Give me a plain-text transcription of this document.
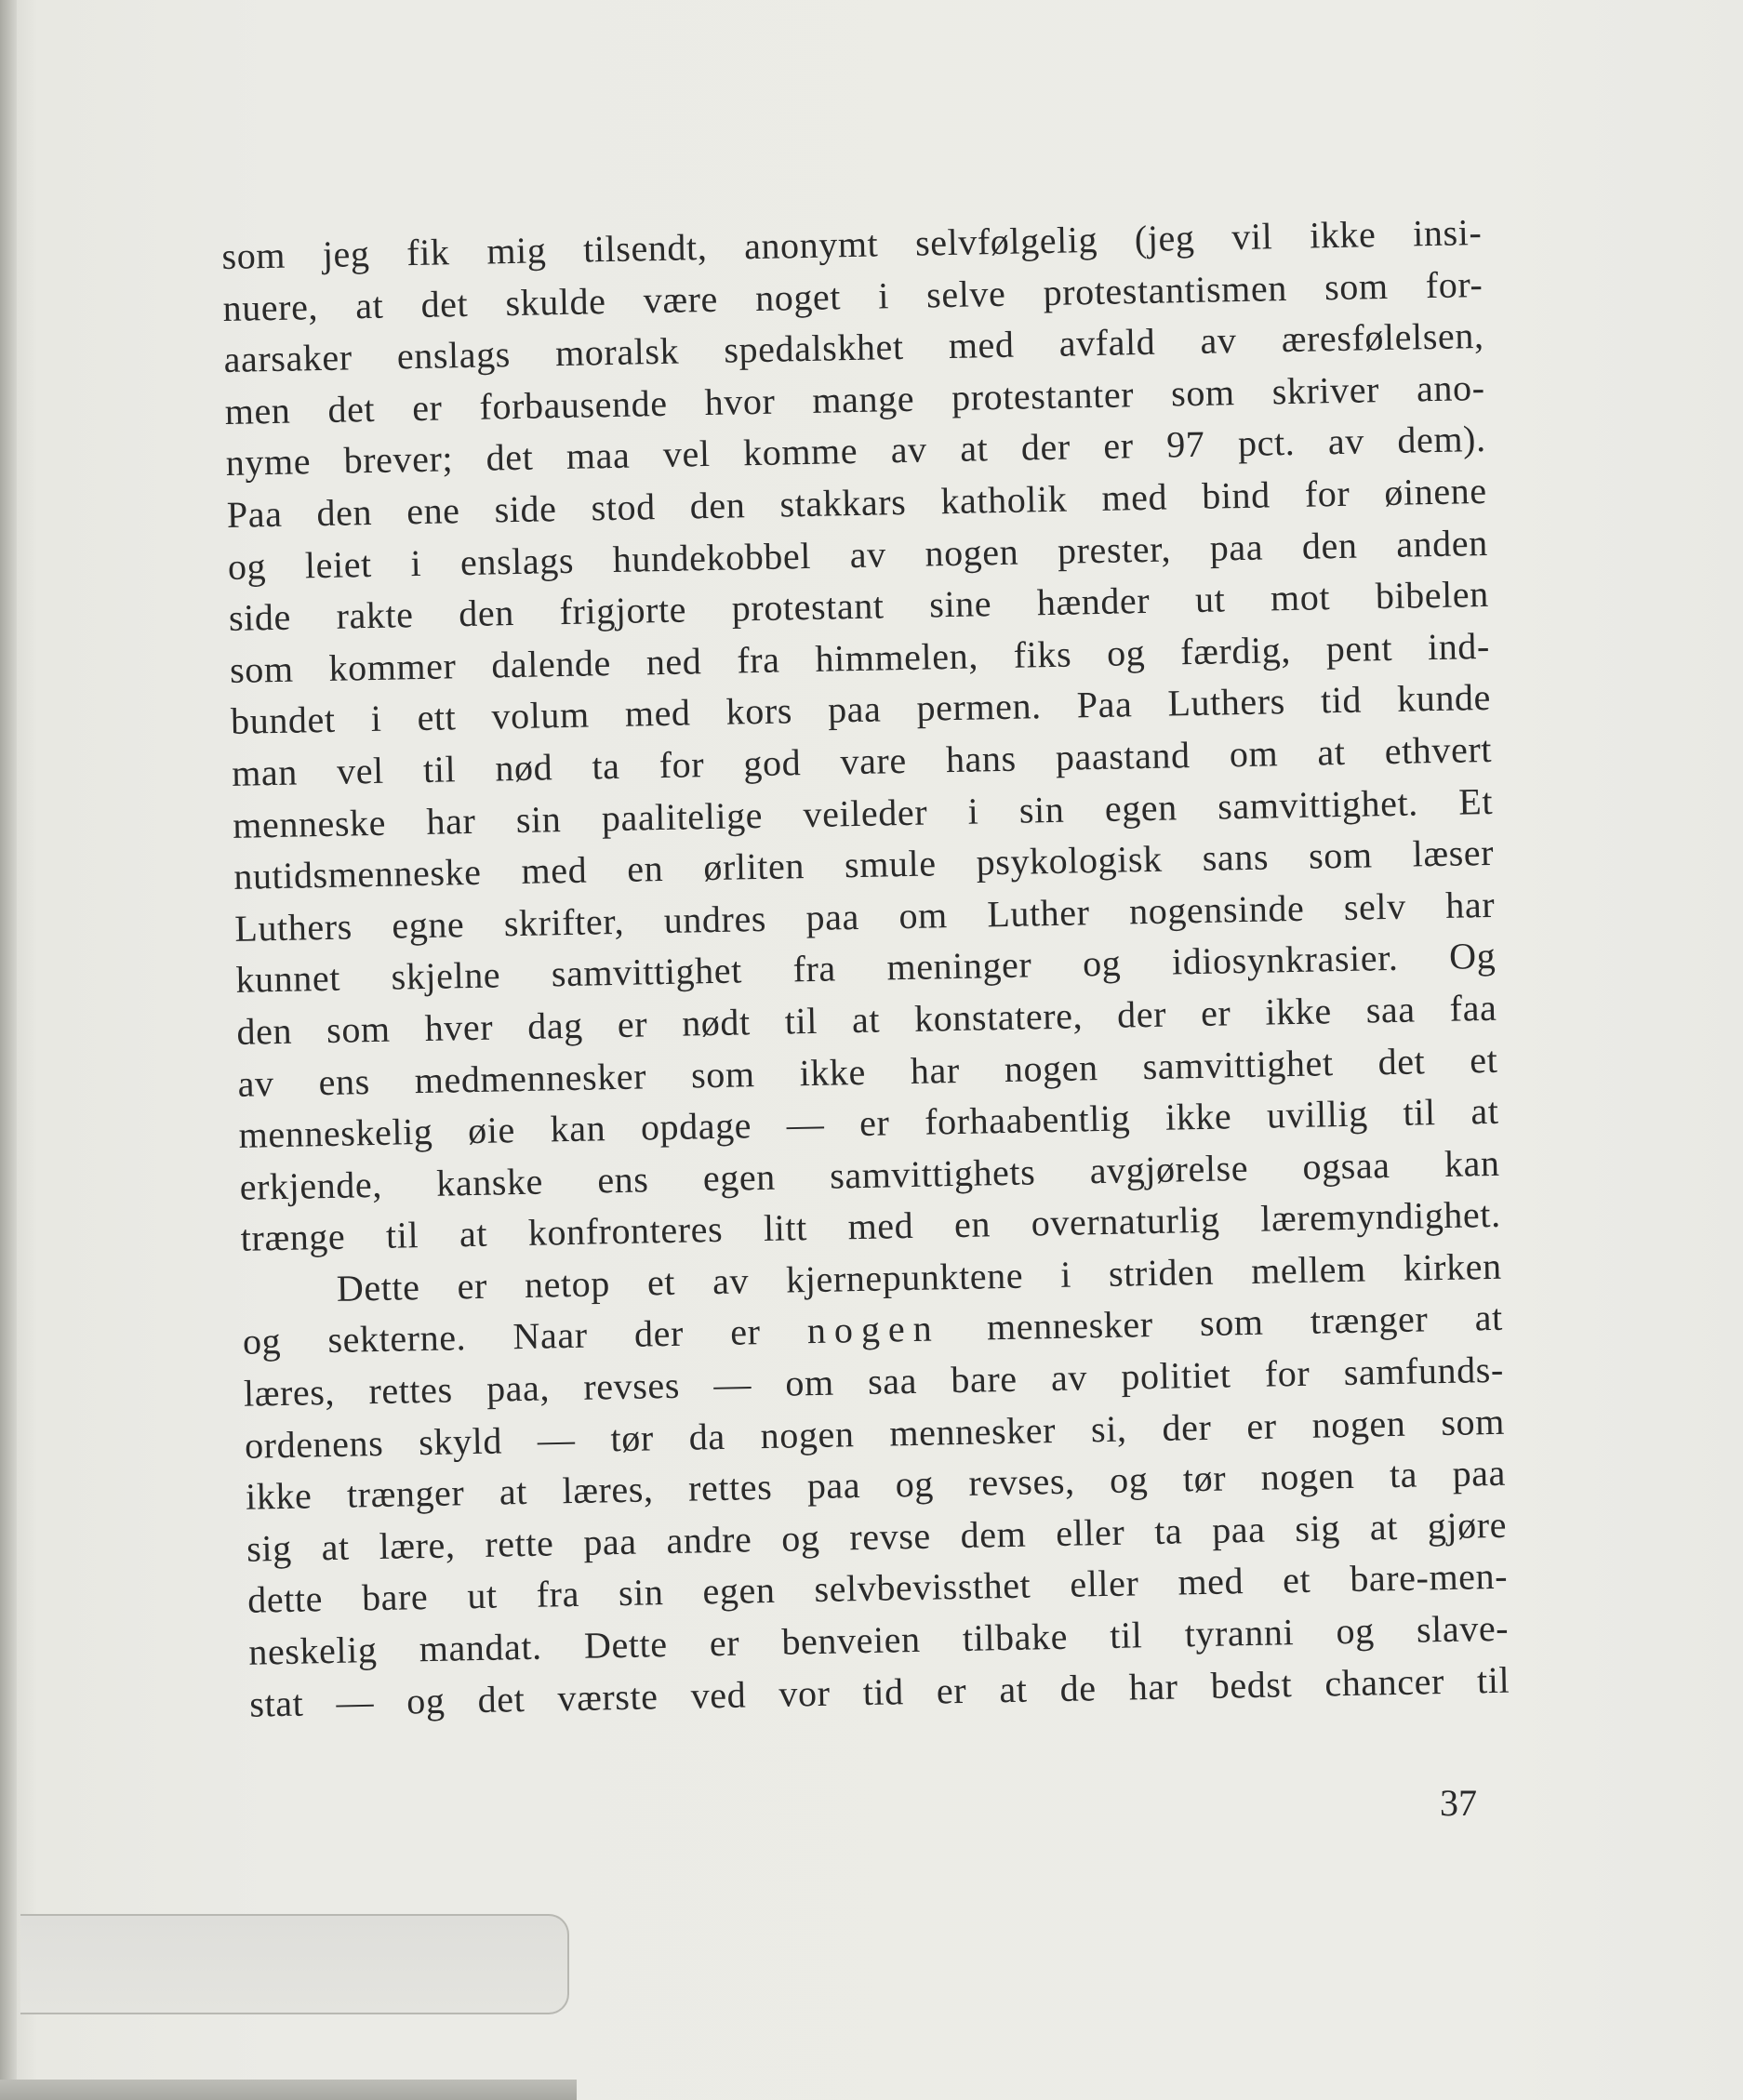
som jeg fik mig tilsendt, anonymt selvfølgelig (jeg vil ikke insi-
nuere, at det skulde være noget i selve protestantismen som for-
aarsaker enslags moralsk spedalskhet med avfald av æresfølelsen,
men det er forbausende hvor mange protestanter som skriver ano-
nyme brever; det maa vel komme av at der er 97 pct. av dem).
Paa den ene side stod den stakkars katholik med bind for øinene
og leiet i enslags hundekobbel av nogen prester, paa den anden
side rakte den frigjorte protestant sine hænder ut mot bibelen
som kommer dalende ned fra himmelen, fiks og færdig, pent ind-
bundet i ett volum med kors paa permen. Paa Luthers tid kunde
man vel til nød ta for god vare hans paastand om at ethvert
menneske har sin paalitelige veileder i sin egen samvittighet. Et
nutidsmenneske med en ørliten smule psykologisk sans som læser
Luthers egne skrifter, undres paa om Luther nogensinde selv har
kunnet skjelne samvittighet fra meninger og idiosynkrasier. Og
den som hver dag er nødt til at konstatere, der er ikke saa faa
av ens medmennesker som ikke har nogen samvittighet det et
menneskelig øie kan opdage — er forhaabentlig ikke uvillig til at
erkjende, kanske ens egen samvittighets avgjørelse ogsaa kan
trænge til at konfronteres litt med en overnaturlig læremyndighet.
Dette er netop et av kjernepunktene i striden mellem kirken
og sekterne. Naar der er nogen mennesker som trænger at
læres, rettes paa, revses — om saa bare av politiet for samfunds-
ordenens skyld — tør da nogen mennesker si, der er nogen som
ikke trænger at læres, rettes paa og revses, og tør nogen ta paa
sig at lære, rette paa andre og revse dem eller ta paa sig at gjøre
dette bare ut fra sin egen selvbevissthet eller med et bare-men-
neskelig mandat. Dette er benveien tilbake til tyranni og slave-
stat — og det værste ved vor tid er at de har bedst chancer til
37
